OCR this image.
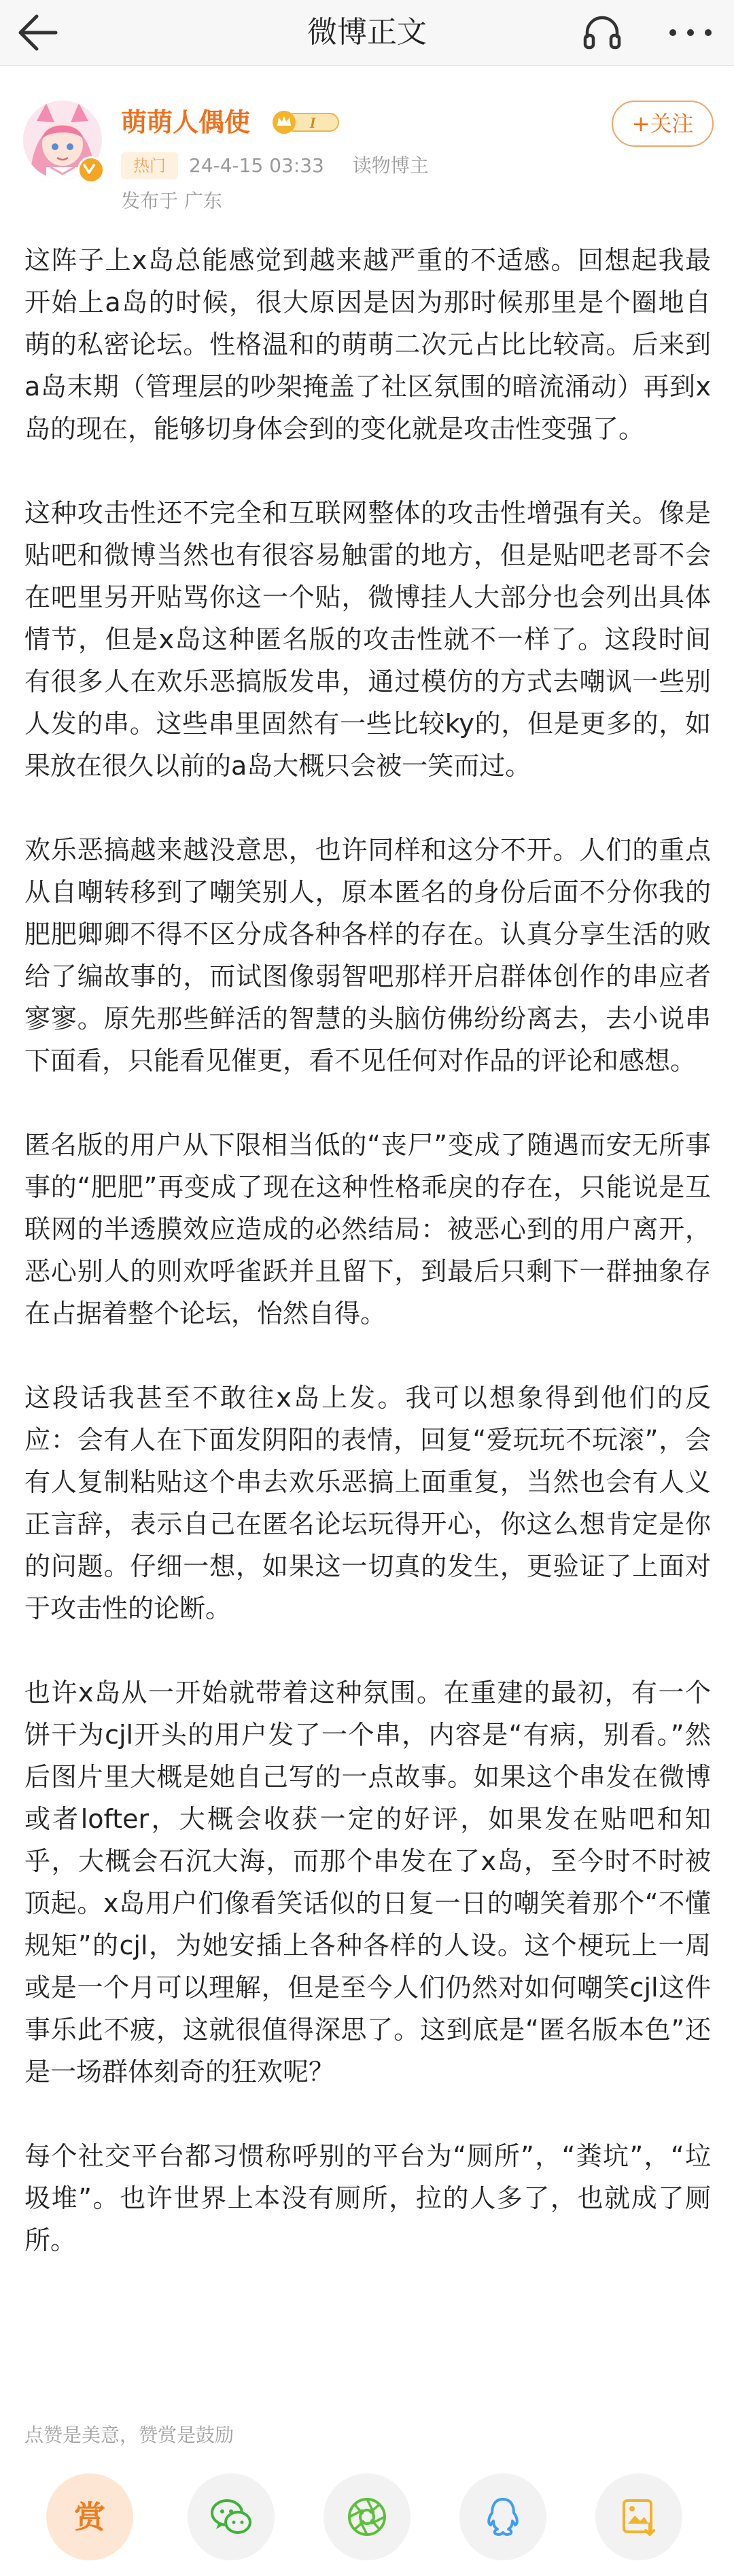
微博正文
萌萌人偶使	I	+关注
热门	24-4-15 03:33 读物博主
发布于 广东

这阵子上x岛总能感觉到越来越严重的不适感。回想起我最开始上a岛的时候，很大原因是因为那时候那里是个圈地自萌的私密论坛。性格温和的萌萌二次元占比比较高。后来到a岛末期（管理层的吵架掩盖了社区氛围的暗流涌动）再到x岛的现在，能够切身体会到的变化就是攻击性变强了。

这种攻击性还不完全和互联网整体的攻击性增强有关。像是贴吧和微博当然也有很容易触雷的地方，但是贴吧老哥不会在吧里另开贴骂你这一个贴，微博挂人大部分也会列出具体情节，但是x岛这种匿名版的攻击性就不一样了。这段时间有很多人在欢乐恶搞版发串，通过模仿的方式去嘲讽一些别人发的串。这些串里固然有一些比较ky的，但是更多的，如果放在很久以前的a岛大概只会被一笑而过。

欢乐恶搞越来越没意思，也许同样和这分不开。人们的重点从自嘲转移到了嘲笑别人，原本匿名的身份后面不分你我的肥肥卿卿不得不区分成各种各样的存在。认真分享生活的败给了编故事的，而试图像弱智吧那样开启群体创作的串应者寥寥。原先那些鲜活的智慧的头脑仿佛纷纷离去，去小说串下面看，只能看见催更，看不见任何对作品的评论和感想。

匿名版的用户从下限相当低的“丧尸”变成了随遇而安无所事事的“肥肥”再变成了现在这种性格乖戾的存在，只能说是互联网的半透膜效应造成的必然结局：被恶心到的用户离开，恶心别人的则欢呼雀跃并且留下，到最后只剩下一群抽象存在占据着整个论坛，怡然自得。

这段话我甚至不敢往x岛上发。我可以想象得到他们的反应：会有人在下面发阴阳的表情，回复“爱玩玩不玩滚”，会有人复制粘贴这个串去欢乐恶搞上面重复，当然也会有人义正言辞，表示自己在匿名论坛玩得开心，你这么想肯定是你的问题。仔细一想，如果这一切真的发生，更验证了上面对于攻击性的论断。

也许x岛从一开始就带着这种氛围。在重建的最初，有一个饼干为cjl开头的用户发了一个串，内容是“有病，别看。”然后图片里大概是她自己写的一点故事。如果这个串发在微博或者lofter，大概会收获一定的好评，如果发在贴吧和知乎，大概会石沉大海，而那个串发在了x岛，至今时不时被顶起。x岛用户们像看笑话似的日复一日的嘲笑着那个“不懂规矩”的cjl，为她安插上各种各样的人设。这个梗玩上一周或是一个月可以理解，但是至今人们仍然对如何嘲笑cjl这件事乐此不疲，这就很值得深思了。这到底是“匿名版本色”还是一场群体刻奇的狂欢呢？

每个社交平台都习惯称呼别的平台为“厕所”，“粪坑”，“垃圾堆”。也许世界上本没有厕所，拉的人多了，也就成了厕所。

点赞是美意，赞赏是鼓励
赏
